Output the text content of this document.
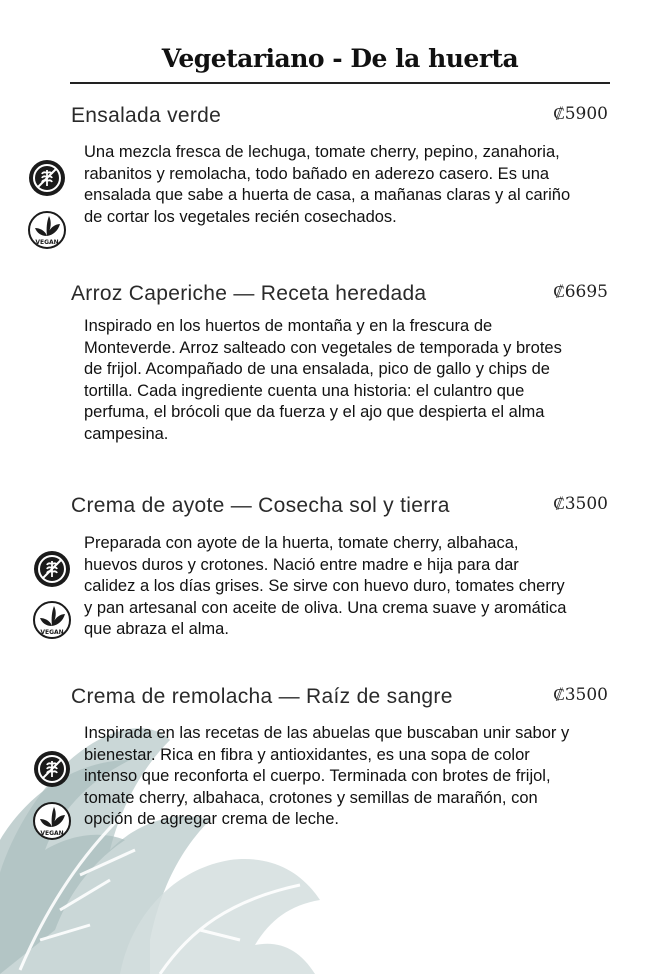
Vegetariano - De la huerta
Ensalada verde	₡5900
Una mezcla fresca de lechuga, tomate cherry, pepino, zanahoria, rabanitos y remolacha, todo bañado en aderezo casero. Es una ensalada que sabe a huerta de casa, a mañanas claras y al cariño de cortar los vegetales recién cosechados.
VEGAN
Arroz Caperiche — Receta heredada	₡6695
Inspirado en los huertos de montaña y en la frescura de Monteverde. Arroz salteado con vegetales de temporada y brotes de frijol. Acompañado de una ensalada, pico de gallo y chips de tortilla. Cada ingrediente cuenta una historia: el culantro que perfuma, el brócoli que da fuerza y el ajo que despierta el alma campesina.
Crema de ayote — Cosecha sol y tierra	₡3500
Preparada con ayote de la huerta, tomate cherry, albahaca, huevos duros y crotones. Nació entre madre e hija para dar calidez a los días grises. Se sirve con huevo duro, tomates cherry y pan artesanal con aceite de oliva. Una crema suave y aromática que abraza el alma.
VEGAN
Crema de remolacha — Raíz de sangre	₡3500
Inspirada en las recetas de las abuelas que buscaban unir sabor y bienestar. Rica en fibra y antioxidantes, es una sopa de color intenso que reconforta el cuerpo. Terminada con brotes de frijol, tomate cherry, albahaca, crotones y semillas de marañón, con opción de agregar crema de leche.
VEGAN
